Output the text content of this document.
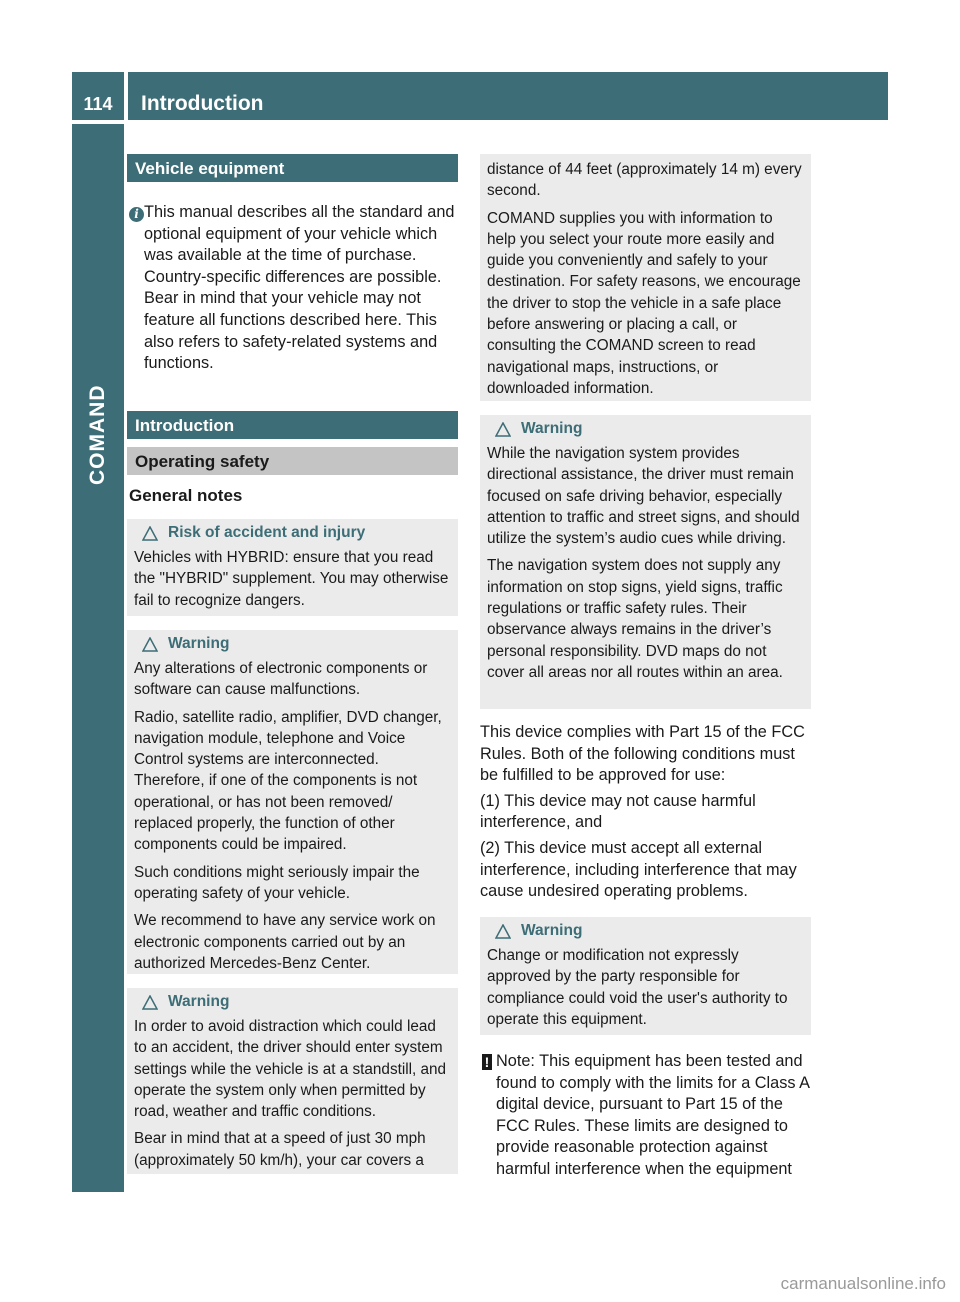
114	Introduction
COMAND
Vehicle equipment
i This manual describes all the standard and optional equipment of your vehicle which was available at the time of purchase. Country-specific differences are possible. Bear in mind that your vehicle may not feature all functions described here. This also refers to safety-related systems and functions.
Introduction
Operating safety
General notes
Risk of accident and injury

Vehicles with HYBRID: ensure that you read the "HYBRID" supplement. You may otherwise fail to recognize dangers.

Warning

Any alterations of electronic components or software can cause malfunctions.

Radio, satellite radio, amplifier, DVD changer, navigation module, telephone and Voice Control systems are interconnected. Therefore, if one of the components is not operational, or has not been removed/ replaced properly, the function of other components could be impaired.

Such conditions might seriously impair the operating safety of your vehicle.

We recommend to have any service work on electronic components carried out by an authorized Mercedes-Benz Center.

Warning

In order to avoid distraction which could lead to an accident, the driver should enter system settings while the vehicle is at a standstill, and operate the system only when permitted by road, weather and traffic conditions.

Bear in mind that at a speed of just 30 mph (approximately 50 km/h), your car covers a

distance of 44 feet (approximately 14 m) every second.

COMAND supplies you with information to help you select your route more easily and guide you conveniently and safely to your destination. For safety reasons, we encourage the driver to stop the vehicle in a safe place before answering or placing a call, or consulting the COMAND screen to read navigational maps, instructions, or downloaded information.

Warning

While the navigation system provides directional assistance, the driver must remain focused on safe driving behavior, especially attention to traffic and street signs, and should utilize the system’s audio cues while driving.

The navigation system does not supply any information on stop signs, yield signs, traffic regulations or traffic safety rules. Their observance always remains in the driver’s personal responsibility. DVD maps do not cover all areas nor all routes within an area.

This device complies with Part 15 of the FCC Rules. Both of the following conditions must be fulfilled to be approved for use:

(1) This device may not cause harmful interference, and

(2) This device must accept all external interference, including interference that may cause undesired operating problems.

Warning

Change or modification not expressly approved by the party responsible for compliance could void the user's authority to operate this equipment.

! Note: This equipment has been tested and found to comply with the limits for a Class A digital device, pursuant to Part 15 of the FCC Rules. These limits are designed to provide reasonable protection against harmful interference when the equipment
carmanualsonline.info
